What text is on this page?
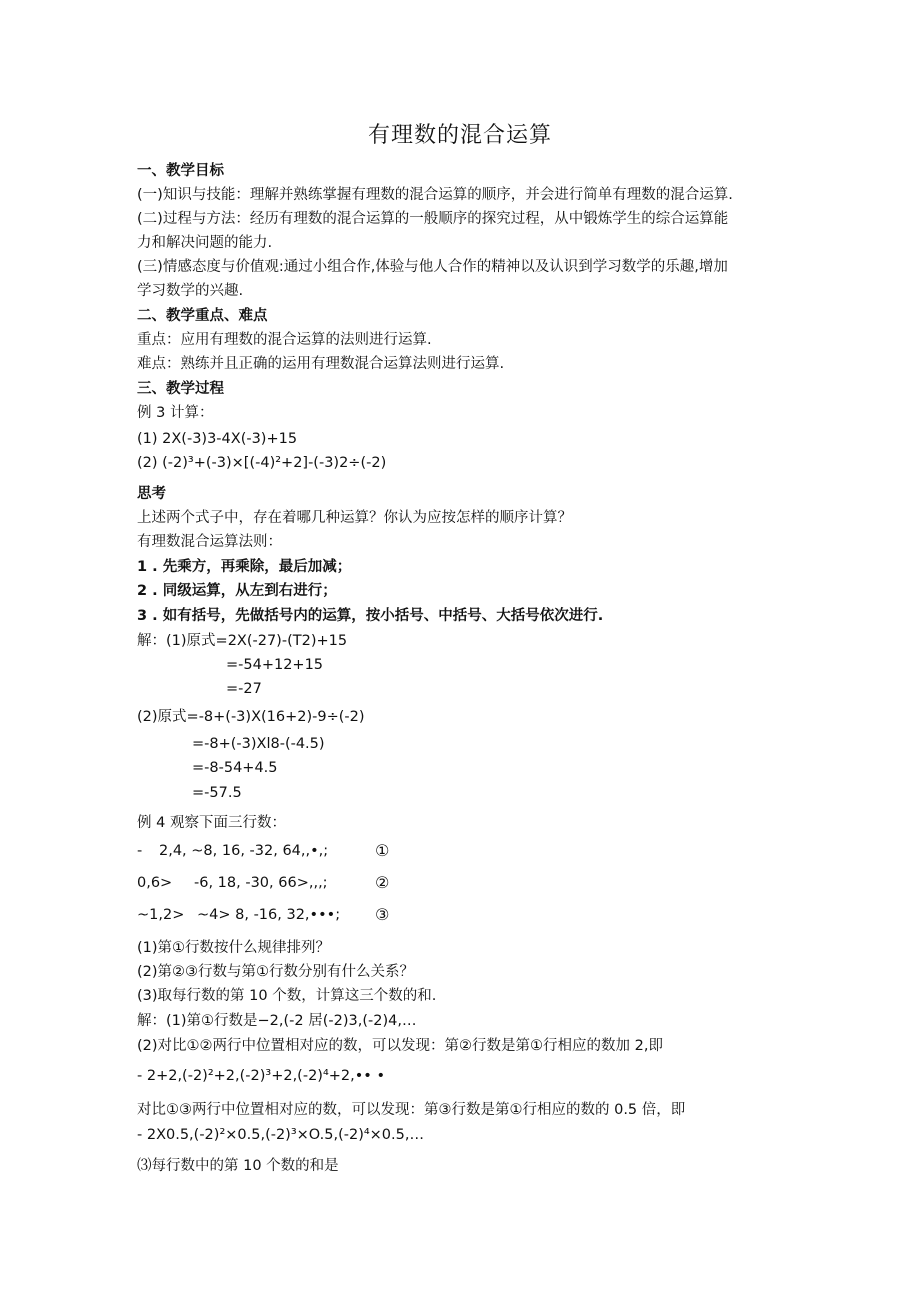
有理数的混合运算
一、教学目标
(一)知识与技能：理解并熟练掌握有理数的混合运算的顺序，并会进行简单有理数的混合运算.
(二)过程与方法：经历有理数的混合运算的一般顺序的探究过程，从中锻炼学生的综合运算能
力和解决问题的能力.
(三)情感态度与价值观:通过小组合作,体验与他人合作的精神以及认识到学习数学的乐趣,增加
学习数学的兴趣.
二、教学重点、难点
重点：应用有理数的混合运算的法则进行运算.
难点：熟练并且正确的运用有理数混合运算法则进行运算.
三、教学过程
例 3 计算：
(1) 2X(-3)3-4X(-3)+15
(2) (-2)³+(-3)×[(-4)²+2]-(-3)2÷(-2)
思考
上述两个式子中，存在着哪几种运算？你认为应按怎样的顺序计算？
有理数混合运算法则：
1 . 先乘方，再乘除，最后加减；
2 . 同级运算，从左到右进行；
3 . 如有括号，先做括号内的运算，按小括号、中括号、大括号依次进行.
解：(1)原式=2X(-27)-(T2)+15
=-54+12+15
=-27
(2)原式=-8+(-3)X(16+2)-9÷(-2)
=-8+(-3)Xl8-(-4.5)
=-8-54+4.5
=-57.5
例 4 观察下面三行数：
- 2,4, ~8, 16, -32, 64,,•,;	①
0,6> -6, 18, -30, 66>,,,;	②
~1,2> ~4> 8, -16, 32,•••; ③
(1)第①行数按什么规律排列？
(2)第②③行数与第①行数分别有什么关系？
(3)取每行数的第 10 个数，计算这三个数的和.
解：(1)第①行数是−2,(-2 居(-2)3,(-2)4,…
(2)对比①②两行中位置相对应的数，可以发现：第②行数是第①行相应的数加 2,即
- 2+2,(-2)²+2,(-2)³+2,(-2)⁴+2,•• •
对比①③两行中位置相对应的数，可以发现：第③行数是第①行相应的数的 0.5 倍，即
- 2X0.5,(-2)²×0.5,(-2)³×O.5,(-2)⁴×0.5,…
⑶每行数中的第 10 个数的和是
